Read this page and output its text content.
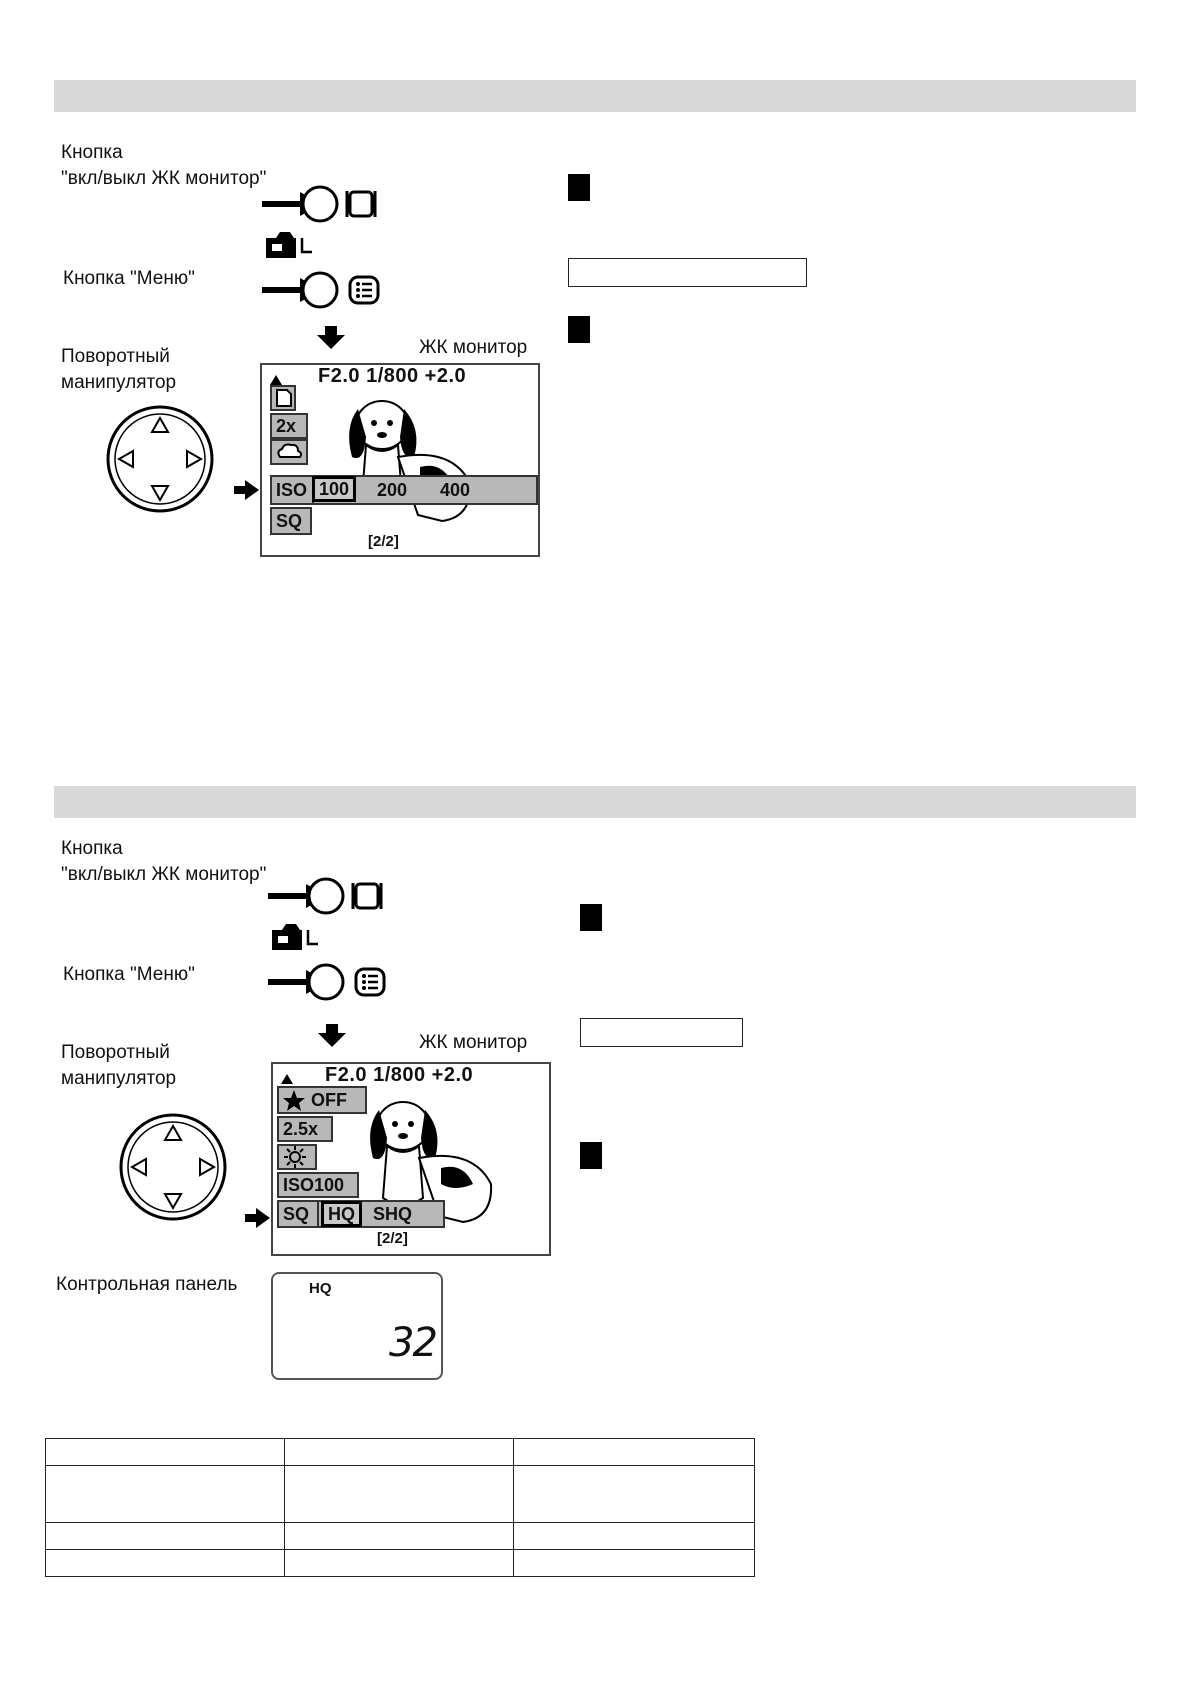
Кнопка
"вкл/выкл ЖК монитор"
Кнопка "Меню"
Поворотный
манипулятор
ЖК монитор
F2.0 1/800 +2.0
2x
ISO 100	200 400
SQ
[2/2]
Кнопка
"вкл/выкл ЖК монитор"
Кнопка "Меню"
Поворотный
манипулятор
ЖК монитор
F2.0 1/800 +2.0
OFF
2.5x
ISO100
SQ	HQ	SHQ
[2/2]
Контрольная панель	HQ
32
